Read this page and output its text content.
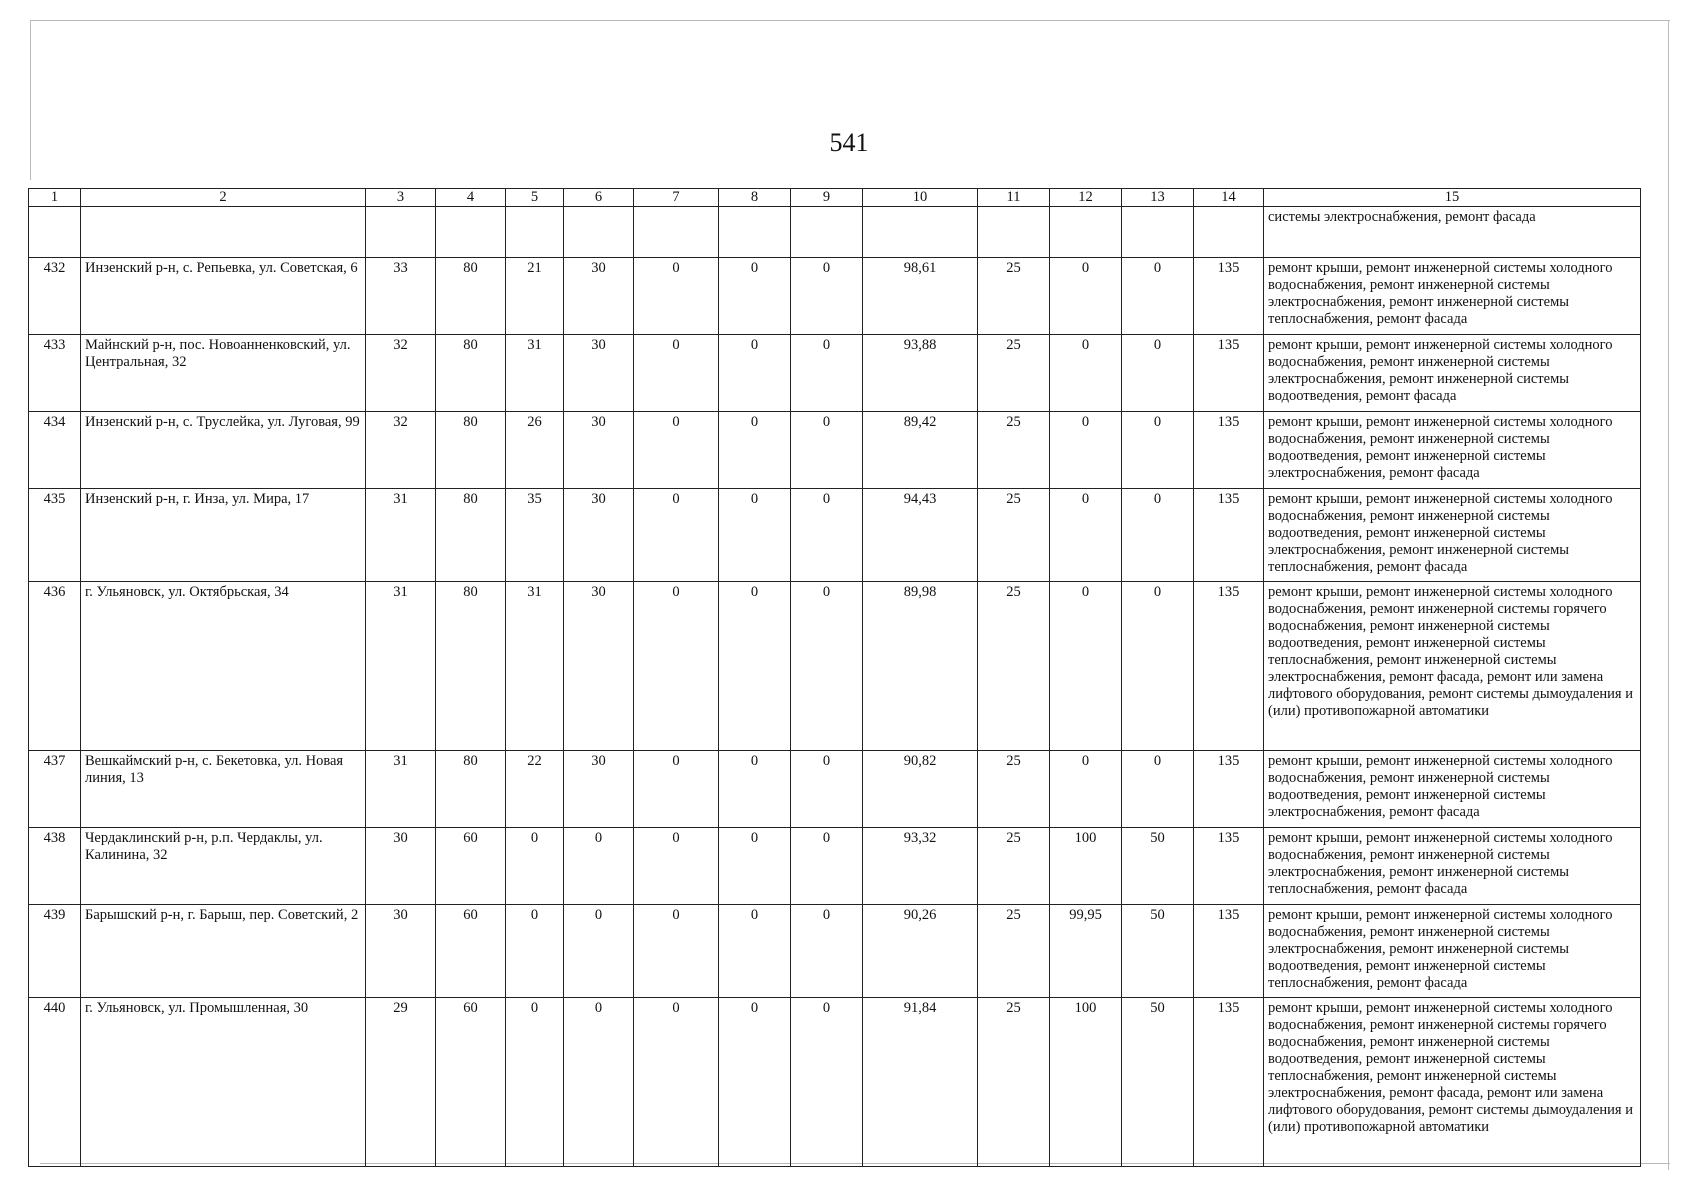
541
1	2	3	4	5	6	7	8	9	10	11	12	13	14	15
														системы электроснабжения, ремонт фасада
432	Инзенский р-н, с. Репьевка, ул. Советская, 6	33	80	21	30	0	0	0	98,61	25	0	0	135	ремонт крыши, ремонт инженерной системы холодного водоснабжения, ремонт инженерной системы электроснабжения, ремонт инженерной системы теплоснабжения, ремонт фасада
433	Майнский р-н, пос. Новоанненковский, ул. Центральная, 32	32	80	31	30	0	0	0	93,88	25	0	0	135	ремонт крыши, ремонт инженерной системы холодного водоснабжения, ремонт инженерной системы электроснабжения, ремонт инженерной системы водоотведения, ремонт фасада
434	Инзенский р-н, с. Труслейка, ул. Луговая, 99	32	80	26	30	0	0	0	89,42	25	0	0	135	ремонт крыши, ремонт инженерной системы холодного водоснабжения, ремонт инженерной системы водоотведения, ремонт инженерной системы электроснабжения, ремонт фасада
435	Инзенский р-н, г. Инза, ул. Мира, 17	31	80	35	30	0	0	0	94,43	25	0	0	135	ремонт крыши, ремонт инженерной системы холодного водоснабжения, ремонт инженерной системы водоотведения, ремонт инженерной системы электроснабжения, ремонт инженерной системы теплоснабжения, ремонт фасада
436	г. Ульяновск, ул. Октябрьская, 34	31	80	31	30	0	0	0	89,98	25	0	0	135	ремонт крыши, ремонт инженерной системы холодного водоснабжения, ремонт инженерной системы горячего водоснабжения, ремонт инженерной системы водоотведения, ремонт инженерной системы теплоснабжения, ремонт инженерной системы электроснабжения, ремонт фасада, ремонт или замена лифтового оборудования, ремонт системы дымоудаления и (или) противопожарной автоматики
437	Вешкаймский р-н, с. Бекетовка, ул. Новая линия, 13	31	80	22	30	0	0	0	90,82	25	0	0	135	ремонт крыши, ремонт инженерной системы холодного водоснабжения, ремонт инженерной системы водоотведения, ремонт инженерной системы электроснабжения, ремонт фасада
438	Чердаклинский р-н, р.п. Чердаклы, ул. Калинина, 32	30	60	0	0	0	0	0	93,32	25	100	50	135	ремонт крыши, ремонт инженерной системы холодного водоснабжения, ремонт инженерной системы электроснабжения, ремонт инженерной системы теплоснабжения, ремонт фасада
439	Барышский р-н, г. Барыш, пер. Советский, 2	30	60	0	0	0	0	0	90,26	25	99,95	50	135	ремонт крыши, ремонт инженерной системы холодного водоснабжения, ремонт инженерной системы электроснабжения, ремонт инженерной системы водоотведения, ремонт инженерной системы теплоснабжения, ремонт фасада
440	г. Ульяновск, ул. Промышленная, 30	29	60	0	0	0	0	0	91,84	25	100	50	135	ремонт крыши, ремонт инженерной системы холодного водоснабжения, ремонт инженерной системы горячего водоснабжения, ремонт инженерной системы водоотведения, ремонт инженерной системы теплоснабжения, ремонт инженерной системы электроснабжения, ремонт фасада, ремонт или замена лифтового оборудования, ремонт системы дымоудаления и (или) противопожарной автоматики
